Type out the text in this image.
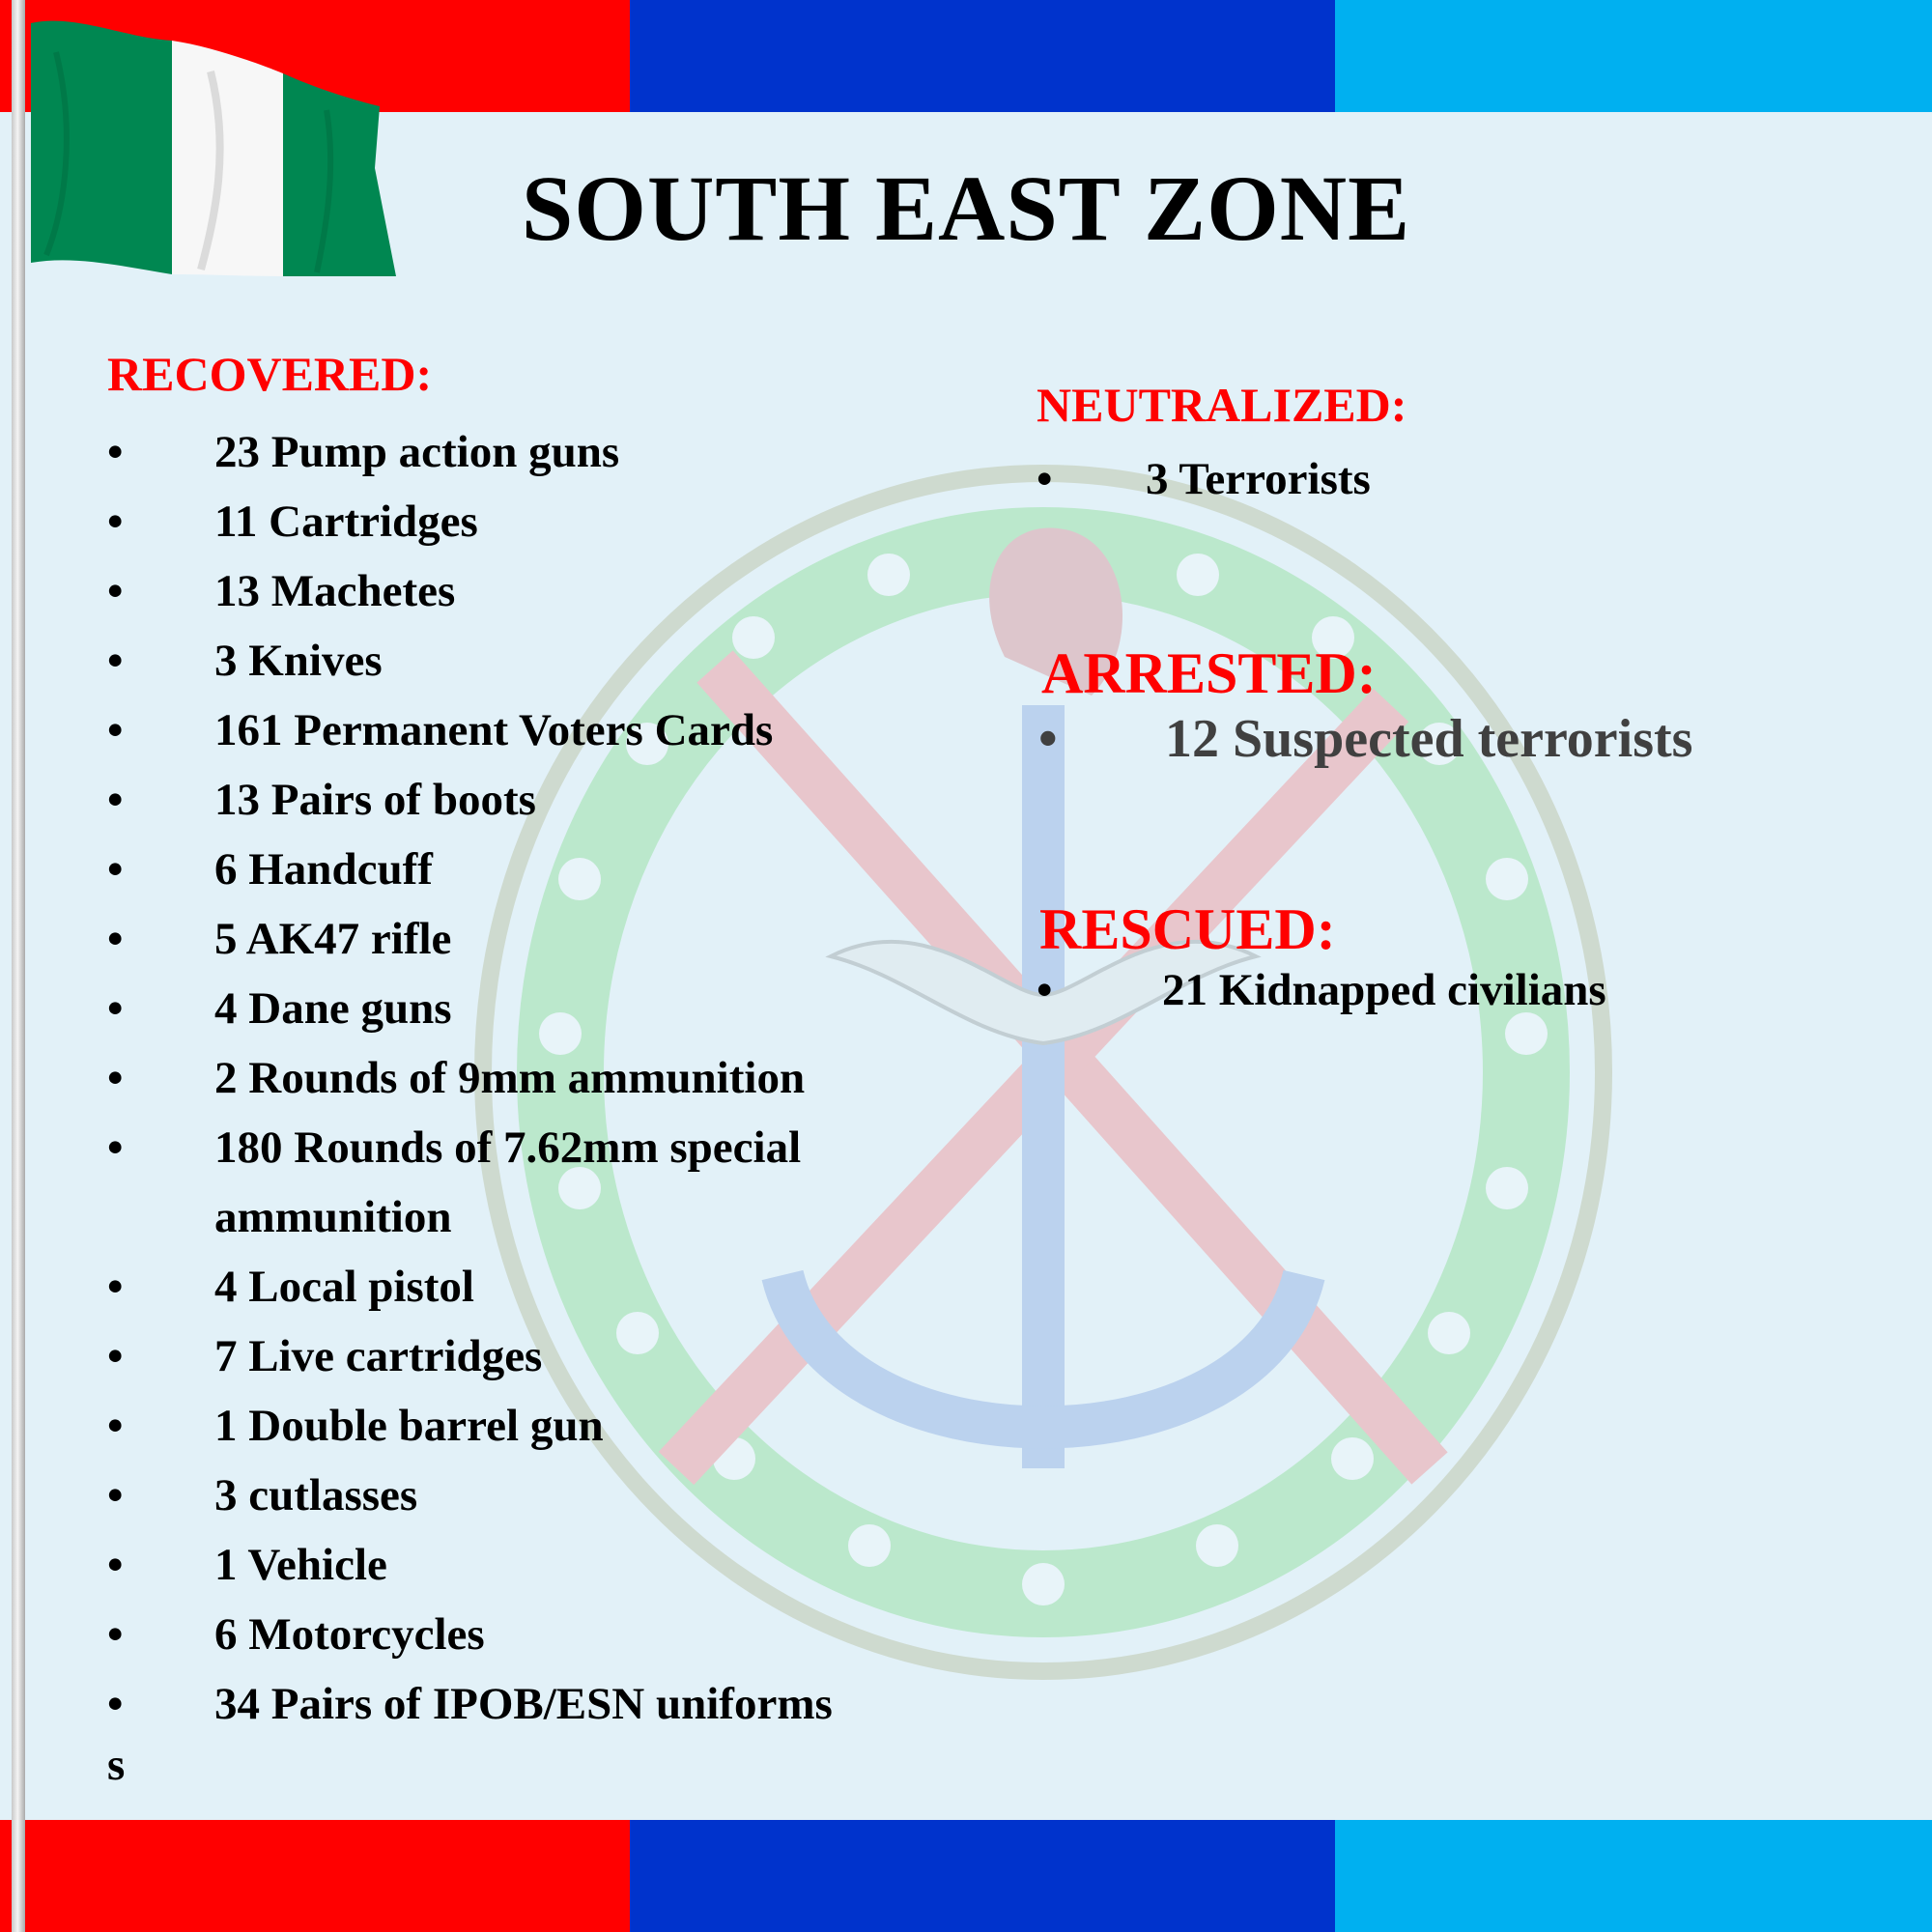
SOUTH EAST ZONE
RECOVERED:
• 23 Pump action guns
• 11 Cartridges
• 13 Machetes
• 3 Knives
• 161 Permanent Voters Cards
• 13 Pairs of boots
• 6 Handcuff
• 5 AK47 rifle
• 4 Dane guns
• 2 Rounds of 9mm ammunition
• 180 Rounds of 7.62mm special ammunition
• 4 Local pistol
• 7 Live cartridges
• 1 Double barrel gun
• 3 cutlasses
• 1 Vehicle
• 6 Motorcycles
• 34 Pairs of IPOB/ESN uniforms
s
NEUTRALIZED:
• 3 Terrorists
ARRESTED:
• 12 Suspected terrorists
RESCUED:
• 21 Kidnapped civilians
